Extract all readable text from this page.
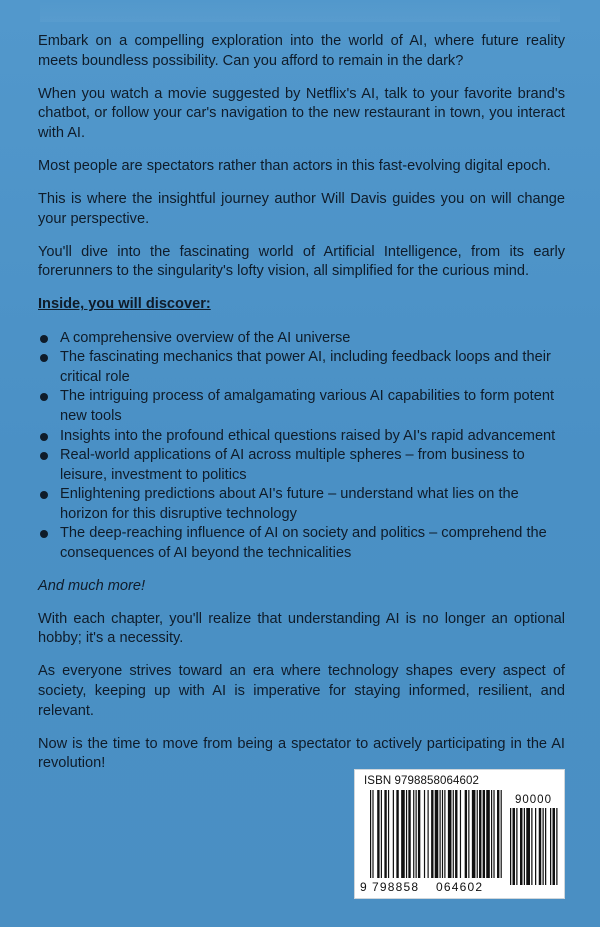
Embark on a compelling exploration into the world of AI, where future reality meets boundless possibility. Can you afford to remain in the dark?

When you watch a movie suggested by Netflix's AI, talk to your favorite brand's chatbot, or follow your car's navigation to the new restaurant in town, you interact with AI.

Most people are spectators rather than actors in this fast-evolving digital epoch.

This is where the insightful journey author Will Davis guides you on will change your perspective.

You'll dive into the fascinating world of Artificial Intelligence, from its early forerunners to the singularity's lofty vision, all simplified for the curious mind.

Inside, you will discover:

A comprehensive overview of the AI universe
The fascinating mechanics that power AI, including feedback loops and their critical role
The intriguing process of amalgamating various AI capabilities to form potent new tools
Insights into the profound ethical questions raised by AI's rapid advancement
Real-world applications of AI across multiple spheres – from business to leisure, investment to politics
Enlightening predictions about AI's future – understand what lies on the horizon for this disruptive technology
The deep-reaching influence of AI on society and politics – comprehend the consequences of AI beyond the technicalities

And much more!

With each chapter, you'll realize that understanding AI is no longer an optional hobby; it's a necessity.

As everyone strives toward an era where technology shapes every aspect of society, keeping up with AI is imperative for staying informed, resilient, and relevant.

Now is the time to move from being a spectator to actively participating in the AI revolution!

ISBN 9798858064602
90000
9 798858 064602
